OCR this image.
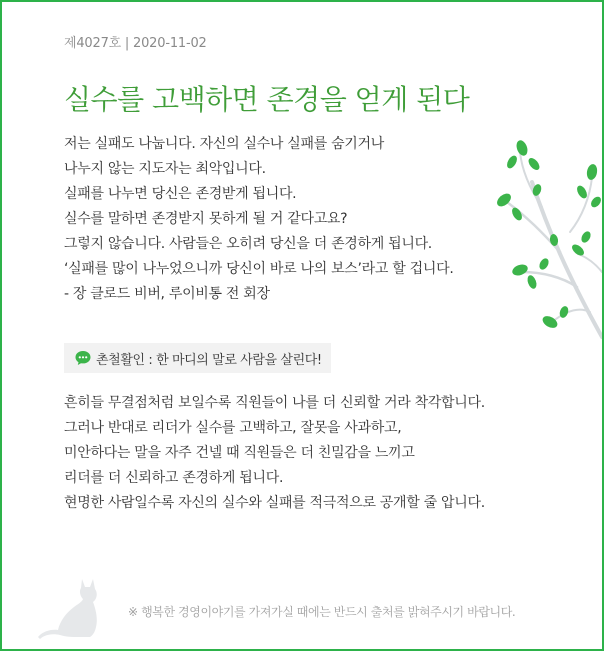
제4027호 | 2020-11-02
실수를 고백하면 존경을 얻게 된다
저는 실패도 나눕니다. 자신의 실수나 실패를 숨기거나
나누지 않는 지도자는 최악입니다.
실패를 나누면 당신은 존경받게 됩니다.
실수를 말하면 존경받지 못하게 될 거 같다고요?
그렇지 않습니다. 사람들은 오히려 당신을 더 존경하게 됩니다.
‘실패를 많이 나누었으니까 당신이 바로 나의 보스’라고 할 겁니다.
- 장 클로드 비버, 루이비통 전 회장
촌철활인 : 한 마디의 말로 사람을 살린다!
흔히들 무결점처럼 보일수록 직원들이 나를 더 신뢰할 거라 착각합니다.
그러나 반대로 리더가 실수를 고백하고, 잘못을 사과하고,
미안하다는 말을 자주 건넬 때 직원들은 더 친밀감을 느끼고
리더를 더 신뢰하고 존경하게 됩니다.
현명한 사람일수록 자신의 실수와 실패를 적극적으로 공개할 줄 압니다.
※ 행복한 경영이야기를 가져가실 때에는 반드시 출처를 밝혀주시기 바랍니다.
